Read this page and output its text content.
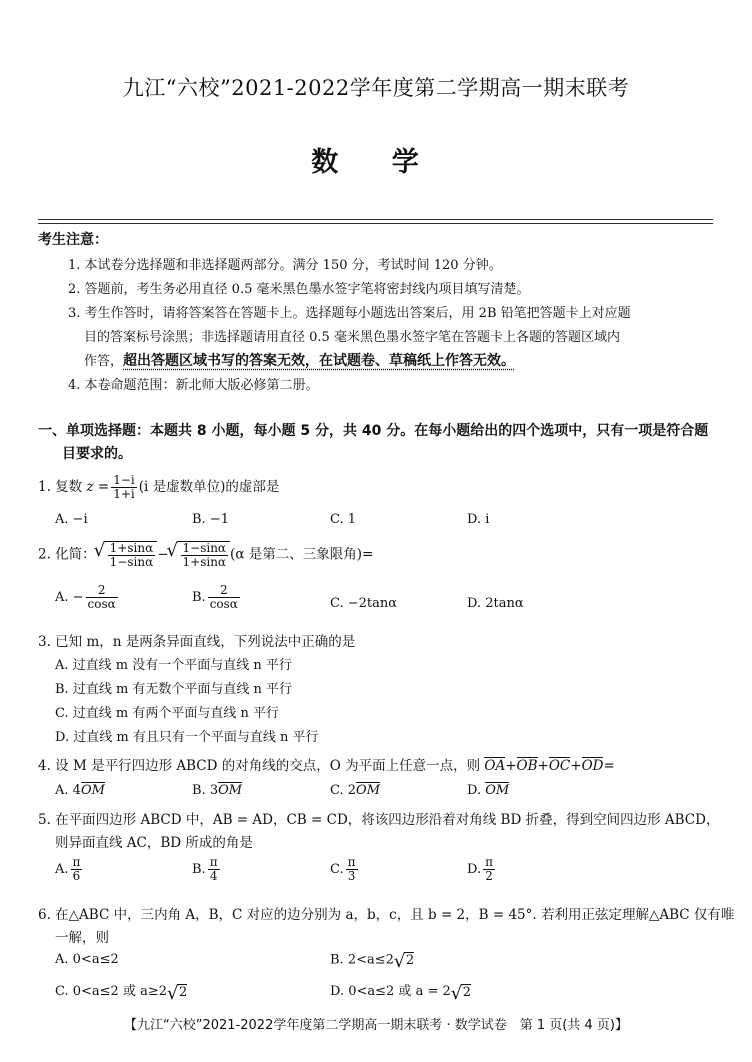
九江“六校”2021-2022学年度第二学期高一期末联考
数 学
考生注意：
1. 本试卷分选择题和非选择题两部分。满分 150 分，考试时间 120 分钟。
2. 答题前，考生务必用直径 0.5 毫米黑色墨水签字笔将密封线内项目填写清楚。
3. 考生作答时，请将答案答在答题卡上。选择题每小题选出答案后，用 2B 铅笔把答题卡上对应题
目的答案标号涂黑；非选择题请用直径 0.5 毫米黑色墨水签字笔在答题卡上各题的答题区域内
作答，超出答题区域书写的答案无效，在试题卷、草稿纸上作答无效。
4. 本卷命题范围：新北师大版必修第二册。
一、单项选择题：本题共 8 小题，每小题 5 分，共 40 分。在每小题给出的四个选项中，只有一项是符合题
目要求的。
1. 复数 $z = \frac{1-i}{1+i} (i$ 是虚数单位)的虚部是
A. −i	B. −1	C. 1	D. i
2. 化简： √ $\frac{1+\sin\alpha}{1-\sin\alpha}$ − √ $\frac{1-\sin\alpha}{1+\sin\alpha} (\alpha$ 是第二、三象限角)=
A. − $\frac{2}{\cos\alpha}$	B. $\frac{2}{\cos\alpha}$	C. −2tanα	D. 2tanα
3. 已知 m，n 是两条异面直线，下列说法中正确的是
A. 过直线 m 没有一个平面与直线 n 平行
B. 过直线 m 有无数个平面与直线 n 平行
C. 过直线 m 有两个平面与直线 n 平行
D. 过直线 m 有且只有一个平面与直线 n 平行
4. 设 M 是平行四边形 ABCD 的对角线的交点，O 为平面上任意一点，则 OA+OB+OC+OD=
A. 4OM	B. 3OM	C. 2OM	D. OM
5. 在平面四边形 ABCD 中，AB = AD，CB = CD，将该四边形沿着对角线 BD 折叠，得到空间四边形 ABCD，
则异面直线 AC，BD 所成的角是
A. $\frac{\pi}{6}$	B. $\frac{\pi}{4}$	C. $\frac{\pi}{3}$	D. $\frac{\pi}{2}$
6. 在△ABC 中，三内角 A，B，C 对应的边分别为 a，b，c，且 b = 2，B = 45°. 若利用正弦定理解△ABC 仅有唯
一解，则
A. 0<a≤2	B. 2<a≤2 √ 2
C. 0<a≤2 或 a≥2 √ 2	D. 0<a≤2 或 a = 2 √ 2
【九江“六校”2021-2022学年度第二学期高一期末联考 · 数学试卷　第 1 页(共 4 页)】
